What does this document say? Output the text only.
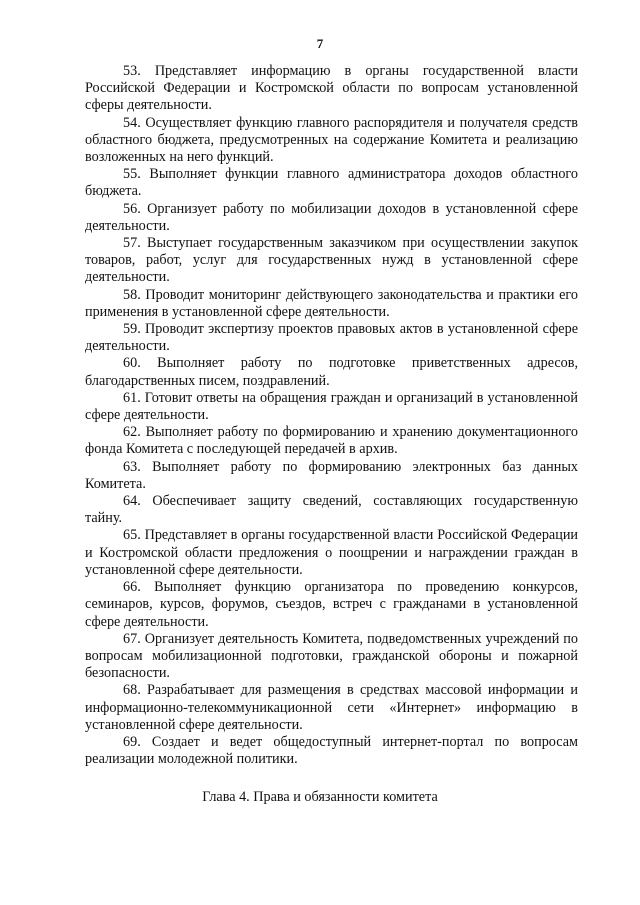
7

53. Представляет информацию в органы государственной власти Российской Федерации и Костромской области по вопросам установленной сферы деятельности.

54. Осуществляет функцию главного распорядителя и получателя средств областного бюджета, предусмотренных на содержание Комитета и реализацию возложенных на него функций.

55. Выполняет функции главного администратора доходов областного бюджета.

56. Организует работу по мобилизации доходов в установленной сфере деятельности.

57. Выступает государственным заказчиком при осуществлении закупок товаров, работ, услуг для государственных нужд в установленной сфере деятельности.

58. Проводит мониторинг действующего законодательства и практики его применения в установленной сфере деятельности.

59. Проводит экспертизу проектов правовых актов в установленной сфере деятельности.

60. Выполняет работу по подготовке приветственных адресов, благодарственных писем, поздравлений.

61. Готовит ответы на обращения граждан и организаций в установленной сфере деятельности.

62. Выполняет работу по формированию и хранению документационного фонда Комитета с последующей передачей в архив.

63. Выполняет работу по формированию электронных баз данных Комитета.

64. Обеспечивает защиту сведений, составляющих государственную тайну.

65. Представляет в органы государственной власти Российской Федерации и Костромской области предложения о поощрении и награждении граждан в установленной сфере деятельности.

66. Выполняет функцию организатора по проведению конкурсов, семинаров, курсов, форумов, съездов, встреч с гражданами в установленной сфере деятельности.

67. Организует деятельность Комитета, подведомственных учреждений по вопросам мобилизационной подготовки, гражданской обороны и пожарной безопасности.

68. Разрабатывает для размещения в средствах массовой информации и информационно-телекоммуникационной сети «Интернет» информацию в установленной сфере деятельности.

69. Создает и ведет общедоступный интернет-портал по вопросам реализации молодежной политики.

Глава 4. Права и обязанности комитета
